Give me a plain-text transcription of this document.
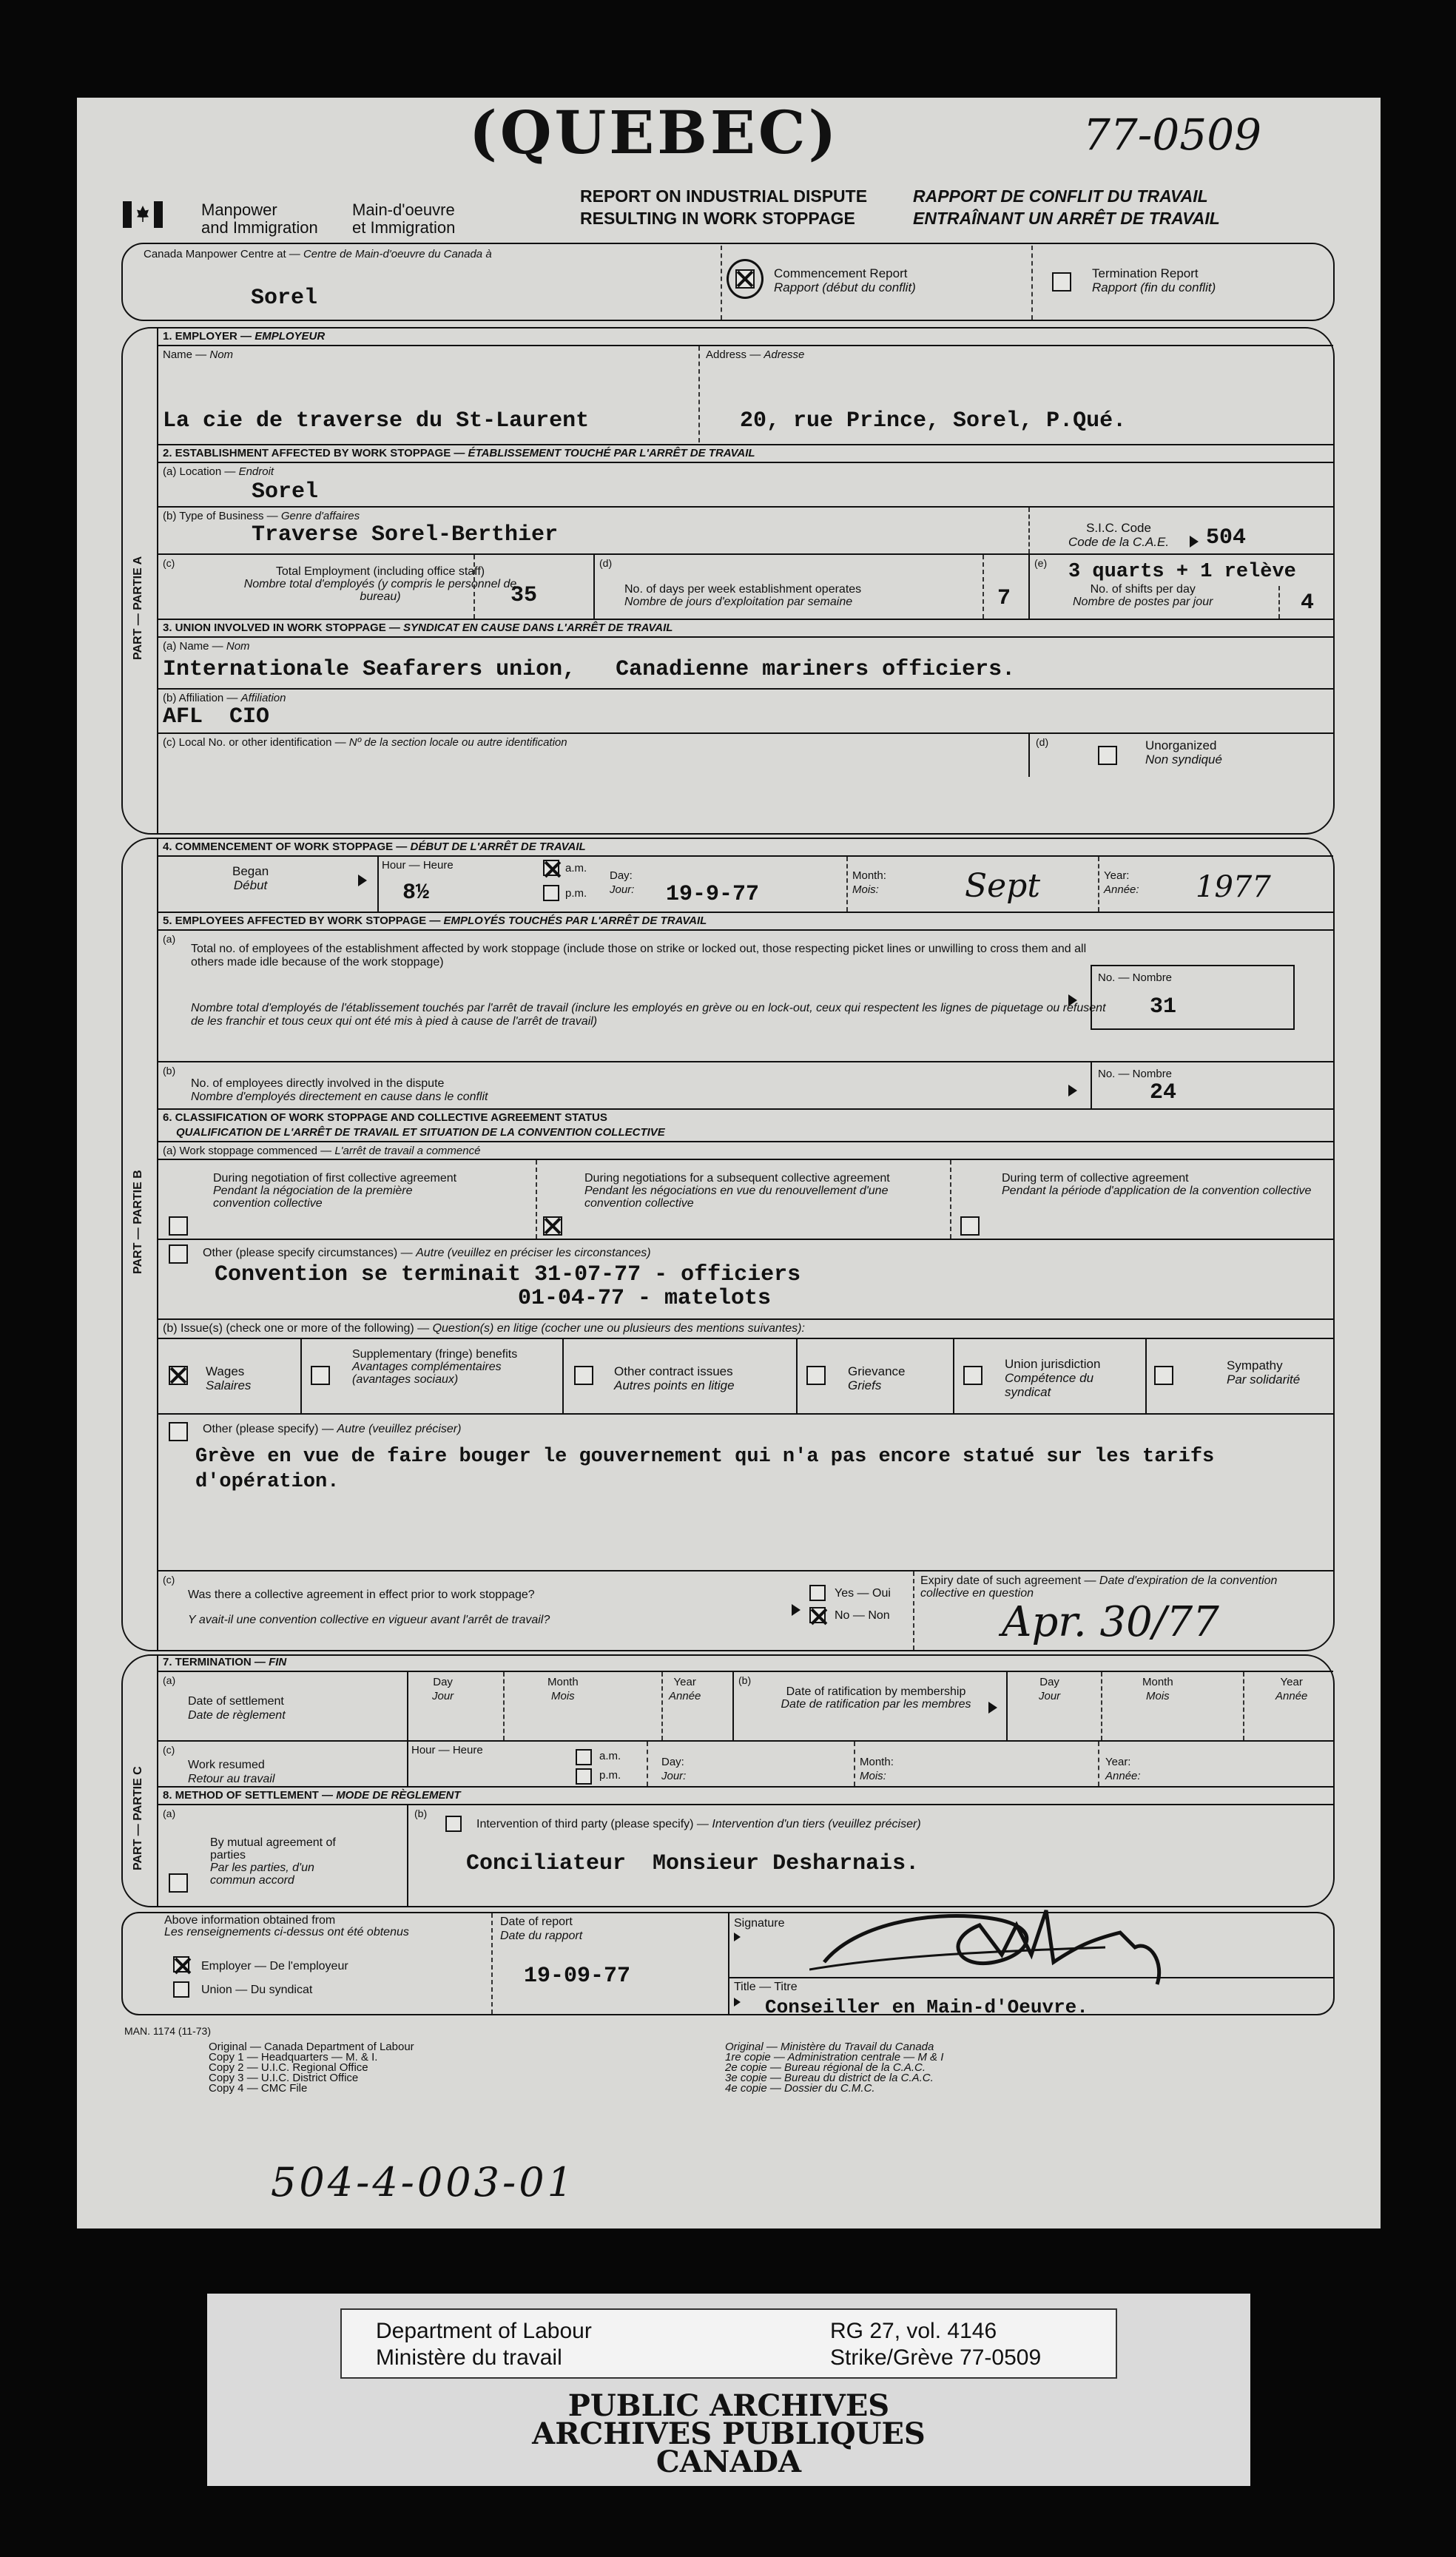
(QUEBEC)	77-0509
Manpower
and Immigration
Main-d'oeuvre
et Immigration
REPORT ON INDUSTRIAL DISPUTE
RESULTING IN WORK STOPPAGE
RAPPORT DE CONFLIT DU TRAVAIL
ENTRAÎNANT UN ARRÊT DE TRAVAIL
Canada Manpower Centre at — Centre de Main-d'oeuvre du Canada à
Sorel
Commencement Report
Rapport (début du conflit)
Termination Report
Rapport (fin du conflit)
PART — PARTIE A
1. EMPLOYER — EMPLOYEUR
Name — Nom	Address — Adresse
La cie de traverse du St-Laurent	20, rue Prince, Sorel, P.Qué.
2. ESTABLISHMENT AFFECTED BY WORK STOPPAGE — ÉTABLISSEMENT TOUCHÉ PAR L'ARRÊT DE TRAVAIL
(a) Location — Endroit
Sorel
(b) Type of Business — Genre d'affaires
Traverse Sorel-Berthier	S.I.C. Code
Code de la C.A.E. 504
(c)
Total Employment (including office staff)
Nombre total d'employés (y compris le personnel de bureau)	35
(d)
No. of days per week establishment operates
Nombre de jours d'exploitation par semaine	7
(e) 3 quarts + 1 relève
No. of shifts per day
Nombre de postes par jour	4
3. UNION INVOLVED IN WORK STOPPAGE — SYNDICAT EN CAUSE DANS L'ARRÊT DE TRAVAIL
(a) Name — Nom
Internationale Seafarers union,   Canadienne mariners officiers.
(b) Affiliation — Affiliation
AFL  CIO
(c) Local No. or other identification — Nº de la section locale ou autre identification	(d)	Unorganized
Non syndiqué
PART — PARTIE B
4. COMMENCEMENT OF WORK STOPPAGE — DÉBUT DE L'ARRÊT DE TRAVAIL
Began
Début
Hour — Heure
8½
a.m.
p.m.
Day:
Jour: 19-9-77
Month:
Mois:	Sept	Year:
Année: 1977
5. EMPLOYEES AFFECTED BY WORK STOPPAGE — EMPLOYÉS TOUCHÉS PAR L'ARRÊT DE TRAVAIL
(a)
Total no. of employees of the establishment affected by work stoppage (include those on strike or locked out, those respecting picket lines or unwilling to cross them and all others made idle because of the work stoppage)
Nombre total d'employés de l'établissement touchés par l'arrêt de travail (inclure les employés en grève ou en lock-out, ceux qui respectent les lignes de piquetage ou refusent de les franchir et tous ceux qui ont été mis à pied à cause de l'arrêt de travail)
No. — Nombre
31
(b)
No. of employees directly involved in the dispute
Nombre d'employés directement en cause dans le conflit
No. — Nombre
24
6. CLASSIFICATION OF WORK STOPPAGE AND COLLECTIVE AGREEMENT STATUS
QUALIFICATION DE L'ARRÊT DE TRAVAIL ET SITUATION DE LA CONVENTION COLLECTIVE
(a) Work stoppage commenced — L'arrêt de travail a commencé
During negotiation of first collective agreement
Pendant la négociation de la première convention collective
During negotiations for a subsequent collective agreement
Pendant les négociations en vue du renouvellement d'une convention collective
During term of collective agreement
Pendant la période d'application de la convention collective
Other (please specify circumstances) — Autre (veuillez en préciser les circonstances)
Convention se terminait 31-07-77 - officiers
01-04-77 - matelots
(b) Issue(s) (check one or more of the following) — Question(s) en litige (cocher une ou plusieurs des mentions suivantes):
Wages
Salaires
Supplementary (fringe) benefits
Avantages complémentaires (avantages sociaux)
Other contract issues
Autres points en litige
Grievance
Griefs
Union jurisdiction
Compétence du syndicat
Sympathy
Par solidarité
Other (please specify) — Autre (veuillez préciser)
Grève en vue de faire bouger le gouvernement qui n'a pas encore statué sur les tarifs
d'opération.
(c)
Was there a collective agreement in effect prior to work stoppage?
Y avait-il une convention collective en vigueur avant l'arrêt de travail?
Yes — Oui
No — Non
Expiry date of such agreement — Date d'expiration de la convention collective en question
Apr. 30/77
PART — PARTIE C
7. TERMINATION — FIN
(a)
Date of settlement
Date de règlement
Day
Jour
Month
Mois
Year
Année
(b)
Date of ratification by membership
Date de ratification par les membres
Day
Jour
Month
Mois
Year
Année
(c)
Work resumed
Retour au travail
Hour — Heure	a.m.
p.m.
Day:
Jour:
Month:
Mois:
Year:
Année:
8. METHOD OF SETTLEMENT — MODE DE RÈGLEMENT
(a)
By mutual agreement of parties
Par les parties, d'un commun accord
(b)
Intervention of third party (please specify) — Intervention d'un tiers (veuillez préciser)
Conciliateur  Monsieur Desharnais.
Above information obtained from
Les renseignements ci-dessus ont été obtenus
Employer — De l'employeur
Union — Du syndicat
Date of report
Date du rapport
19-09-77
Signature
Title — Titre
Conseiller en Main-d'Oeuvre.
MAN. 1174 (11-73)
Original — Canada Department of Labour
Copy 1 — Headquarters — M. & I.
Copy 2 — U.I.C. Regional Office
Copy 3 — U.I.C. District Office
Copy 4 — CMC File
Original — Ministère du Travail du Canada
1re copie — Administration centrale — M & I
2e copie — Bureau régional de la C.A.C.
3e copie — Bureau du district de la C.A.C.
4e copie — Dossier du C.M.C.
504-4-003-01
Department of Labour
Ministère du travail
RG 27, vol. 4146
Strike/Grève 77-0509
PUBLIC ARCHIVES
ARCHIVES PUBLIQUES
CANADA
